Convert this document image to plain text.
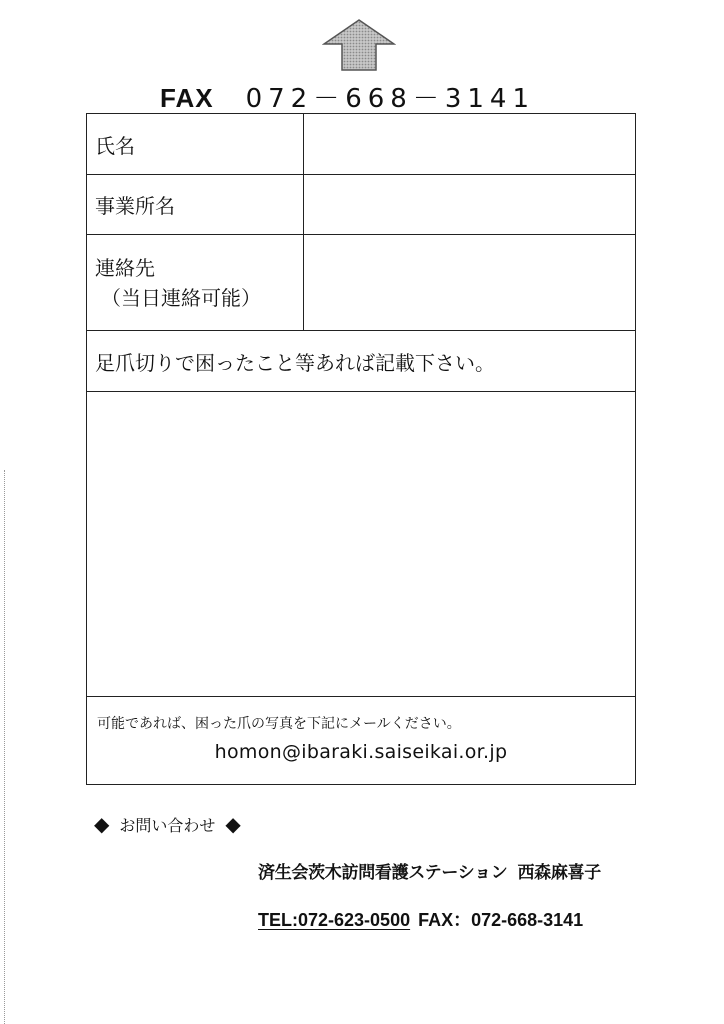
FAX 072－668－3141
氏名
事業所名
連絡先
（当日連絡可能）
足爪切りで困ったこと等あれば記載下さい。
可能であれば、困った爪の写真を下記にメールください。
homon@ibaraki.saiseikai.or.jp
◆ お問い合わせ ◆
済生会茨木訪問看護ステーション 西森麻喜子
TEL:072-623-0500 FAX：072-668-3141
